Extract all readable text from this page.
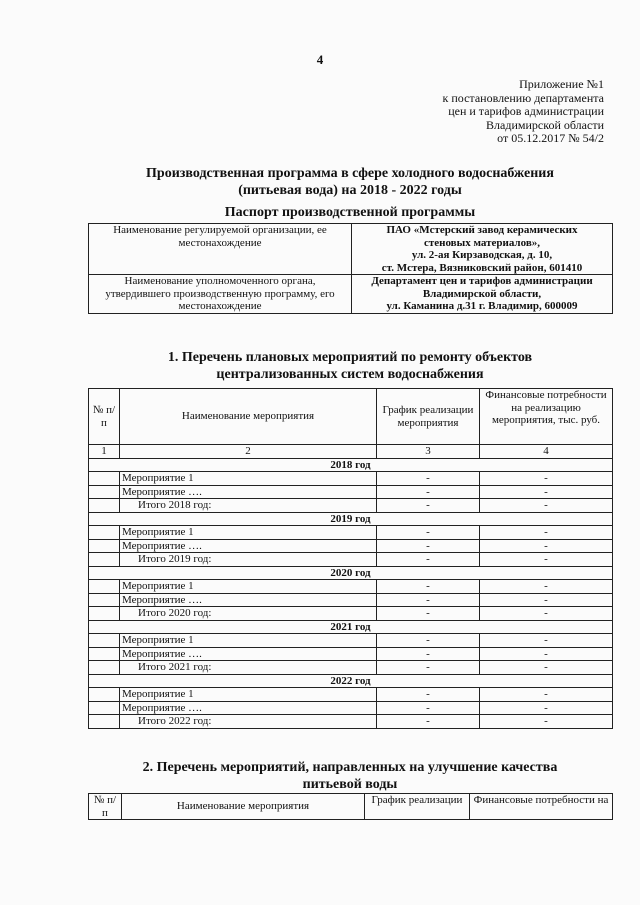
4
Приложение №1
к постановлению департамента
цен и тарифов администрации
Владимирской области
от 05.12.2017 № 54/2
Производственная программа в сфере холодного водоснабжения
(питьевая вода) на 2018 - 2022 годы
Паспорт производственной программы
Наименование регулируемой организации, ее местонахождение	ПАО «Мстерский завод керамических
стеновых материалов»,
ул. 2-ая Кирзаводская, д. 10,
ст. Мстера, Вязниковский район, 601410

Наименование уполномоченного органа, утвердившего производственную программу, его местонахождение	Департамент цен и тарифов администрации
Владимирской области,
ул. Каманина д.31 г. Владимир, 600009
1. Перечень плановых мероприятий по ремонту объектов
централизованных систем водоснабжения
№ п/п	Наименование мероприятия	График реализации мероприятия	Финансовые потребности на реализацию мероприятия, тыс. руб.
1	2	3	4
2018 год			
	Мероприятие 1	-	-
	Мероприятие ….	-	-
	Итого 2018 год:	-	-
2019 год			
	Мероприятие 1	-	-
	Мероприятие ….	-	-
	Итого 2019 год:	-	-
2020 год			
	Мероприятие 1	-	-
	Мероприятие ….	-	-
	Итого 2020 год:	-	-
2021 год			
	Мероприятие 1	-	-
	Мероприятие ….	-	-
	Итого 2021 год:	-	-
2022 год			
	Мероприятие 1	-	-
	Мероприятие ….	-	-
	Итого 2022 год:	-	-
2. Перечень мероприятий, направленных на улучшение качества
питьевой воды
№ п/п	Наименование мероприятия	График реализации	Финансовые потребности на
